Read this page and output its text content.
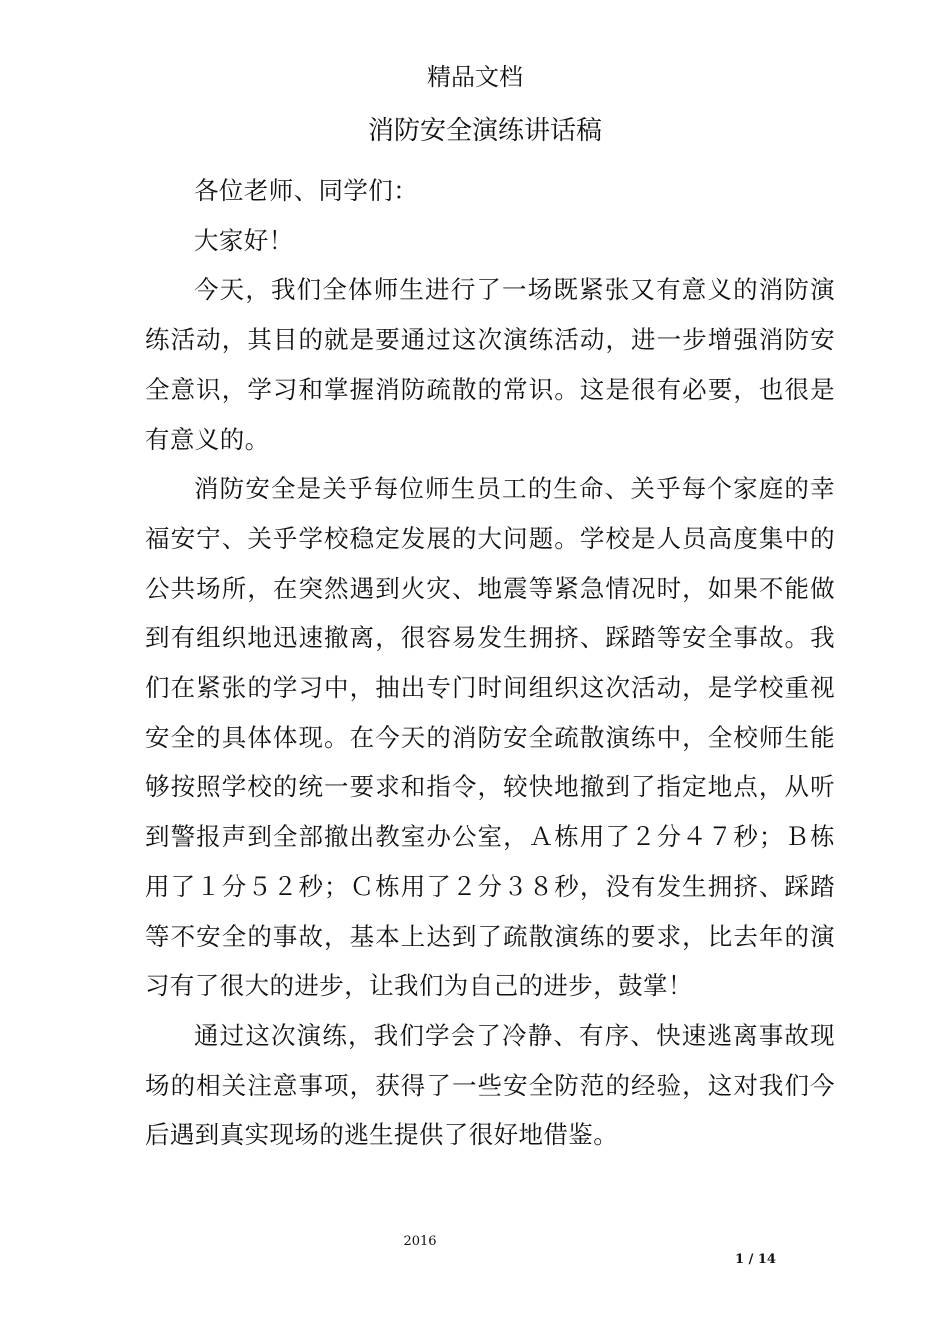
精品文档
消防安全演练讲话稿

各位老师、同学们：

大家好！

今天，我们全体师生进行了一场既紧张又有意义的消防演练活动，其目的就是要通过这次演练活动，进一步增强消防安全意识，学习和掌握消防疏散的常识。这是很有必要，也很是有意义的。

消防安全是关乎每位师生员工的生命、关乎每个家庭的幸福安宁、关乎学校稳定发展的大问题。学校是人员高度集中的公共场所，在突然遇到火灾、地震等紧急情况时，如果不能做到有组织地迅速撤离，很容易发生拥挤、踩踏等安全事故。我们在紧张的学习中，抽出专门时间组织这次活动，是学校重视安全的具体体现。在今天的消防安全疏散演练中，全校师生能够按照学校的统一要求和指令，较快地撤到了指定地点，从听到警报声到全部撤出教室办公室，Ａ栋用了２分４７秒；Ｂ栋用了１分５２秒；Ｃ栋用了２分３８秒，没有发生拥挤、踩踏等不安全的事故，基本上达到了疏散演练的要求，比去年的演习有了很大的进步，让我们为自己的进步，鼓掌！

通过这次演练，我们学会了冷静、有序、快速逃离事故现场的相关注意事项，获得了一些安全防范的经验，这对我们今后遇到真实现场的逃生提供了很好地借鉴。

2016
1 / 14
